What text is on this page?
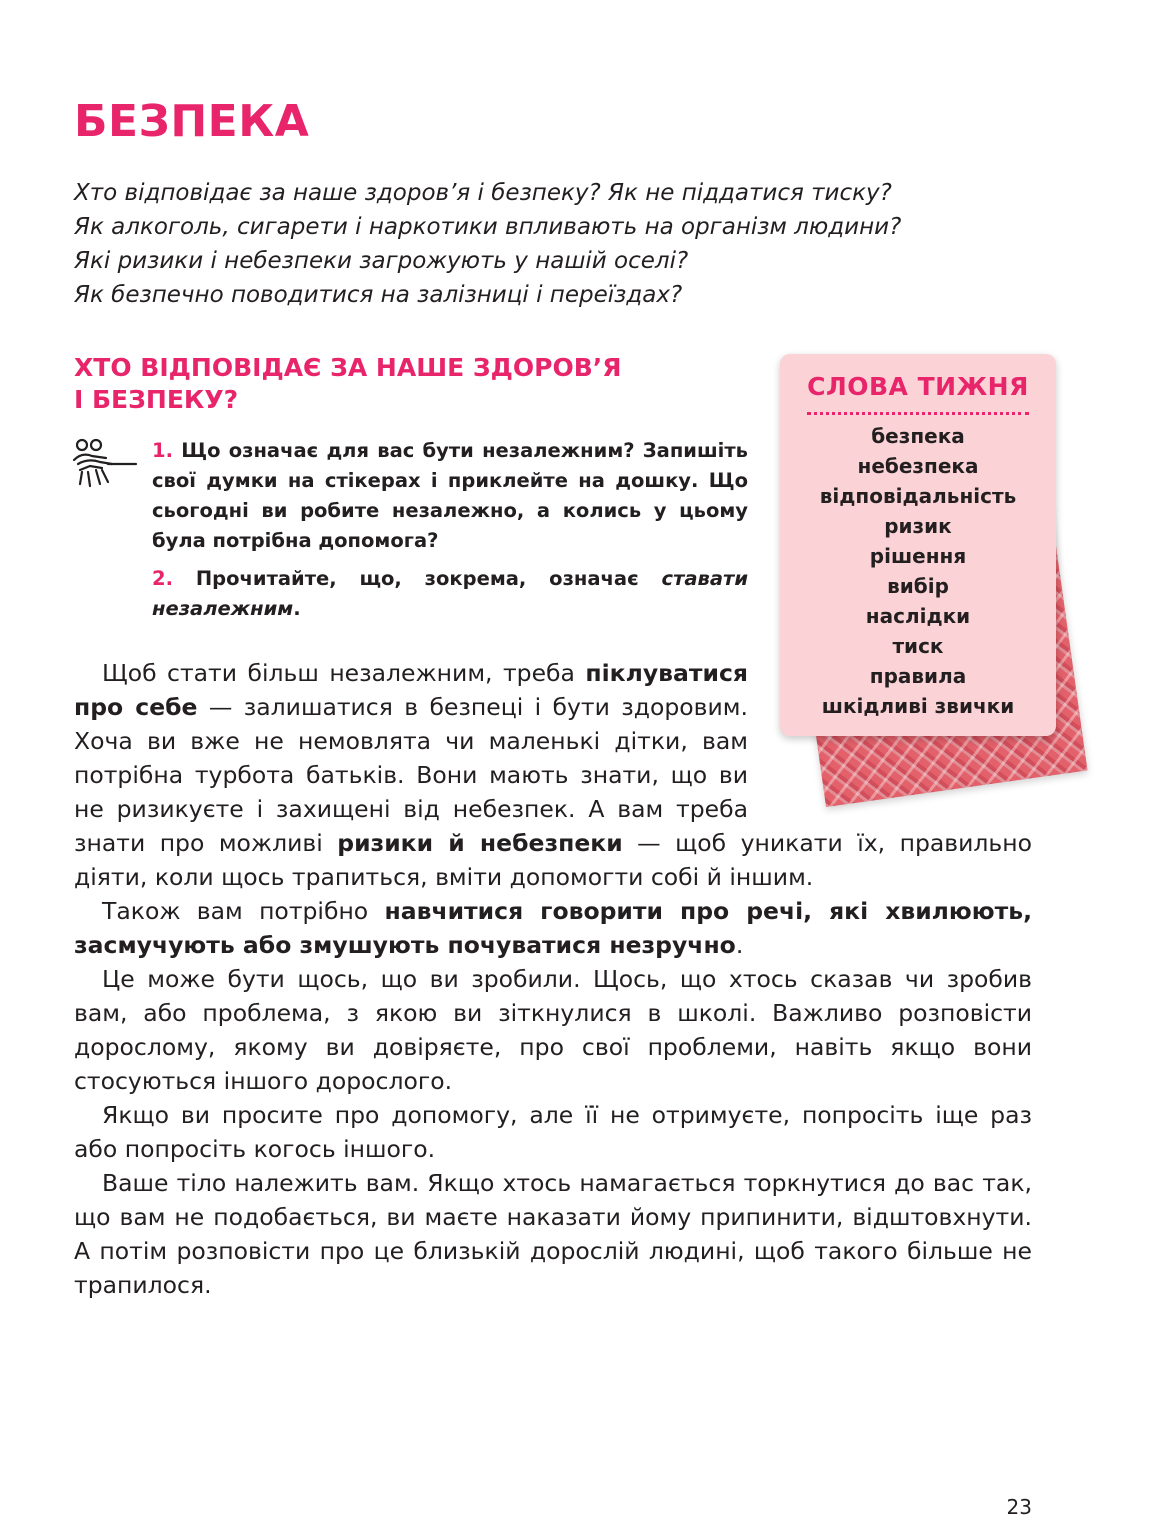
БЕЗПЕКА

Хто відповідає за наше здоров’я і безпеку? Як не піддатися тиску?

Як алкоголь, сигарети і наркотики впливають на організм людини?

Які ризики і небезпеки загрожують у нашій оселі?

Як безпечно поводитися на залізниці і переїздах?

ХТО ВІДПОВІДАЄ ЗА НАШЕ ЗДОРОВ’Я
І БЕЗПЕКУ?

1. Що означає для вас бути незалежним? Запишіть свої думки на стікерах і приклейте на дошку. Що сьогодні ви робите незалежно, а колись у цьому була потрібна допомога?

2. Прочитайте, що, зокрема, означає ставати незалежним.

СЛОВА ТИЖНЯ
безпека
небезпека
відповідальність
ризик
рішення
вибір
наслідки
тиск
правила
шкідливі звички

Щоб стати більш незалежним, треба піклуватися про себе — залишатися в безпеці і бути здоровим. Хоча ви вже не немовлята чи маленькі дітки, вам потрібна турбота батьків. Вони мають знати, що ви не ризикуєте і захищені від небезпек. А вам треба знати про можливі ризики й небезпеки — щоб уникати їх, правильно діяти, коли щось трапиться, вміти допомогти собі й іншим.

Також вам потрібно навчитися говорити про речі, які хвилюють, засмучують або змушують почуватися незручно.

Це може бути щось, що ви зробили. Щось, що хтось сказав чи зробив вам, або проблема, з якою ви зіткнулися в школі. Важливо розповісти дорослому, якому ви довіряєте, про свої проблеми, навіть якщо вони стосуються іншого дорослого.

Якщо ви просите про допомогу, але її не отримуєте, попросіть іще раз або попросіть когось іншого.

Ваше тіло належить вам. Якщо хтось намагається торкнутися до вас так, що вам не подобається, ви маєте наказати йому припинити, відштовхнути. А потім розповісти про це близькій дорослій людині, щоб такого більше не трапилося.

23
